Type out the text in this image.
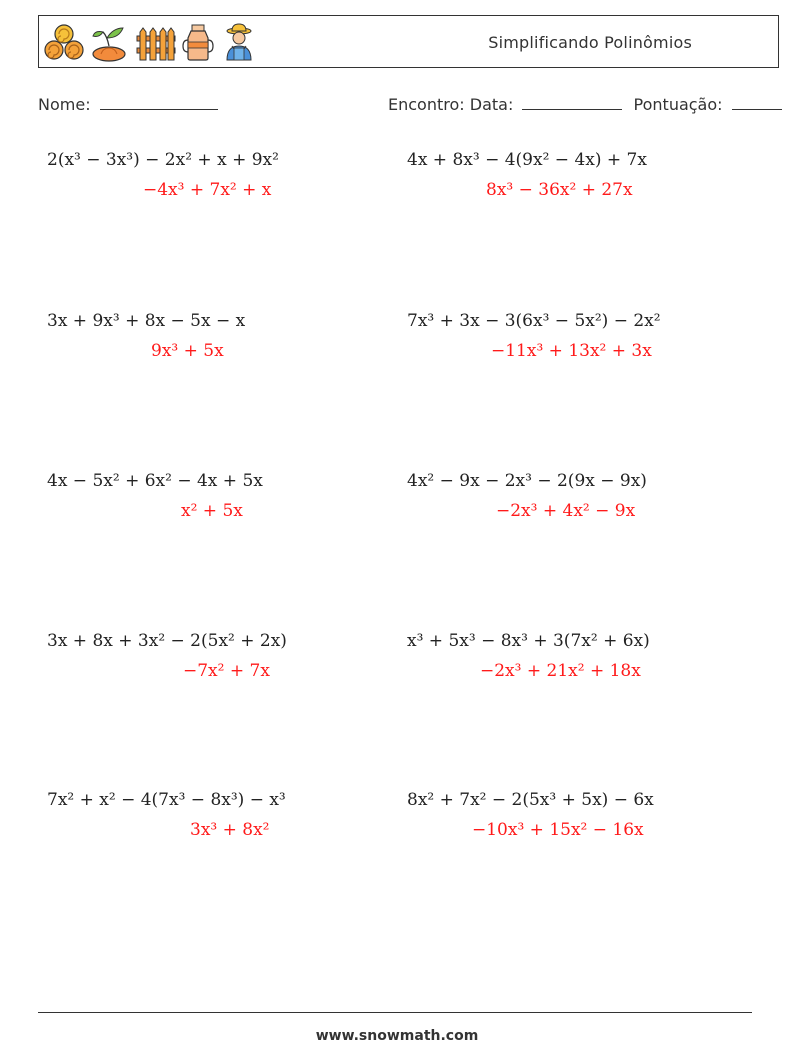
Simplificando Polinômios
Nome:	Encontro: Data:	Pontuação:
2(x³ − 3x³) − 2x² + x + 9x²
−4x³ + 7x² + x
4x + 8x³ − 4(9x² − 4x) + 7x
8x³ − 36x² + 27x
3x + 9x³ + 8x − 5x − x
9x³ + 5x
7x³ + 3x − 3(6x³ − 5x²) − 2x²
−11x³ + 13x² + 3x
4x − 5x² + 6x² − 4x + 5x
x² + 5x
4x² − 9x − 2x³ − 2(9x − 9x)
−2x³ + 4x² − 9x
3x + 8x + 3x² − 2(5x² + 2x)
−7x² + 7x
x³ + 5x³ − 8x³ + 3(7x² + 6x)
−2x³ + 21x² + 18x
7x² + x² − 4(7x³ − 8x³) − x³
3x³ + 8x²
8x² + 7x² − 2(5x³ + 5x) − 6x
−10x³ + 15x² − 16x
www.snowmath.com
